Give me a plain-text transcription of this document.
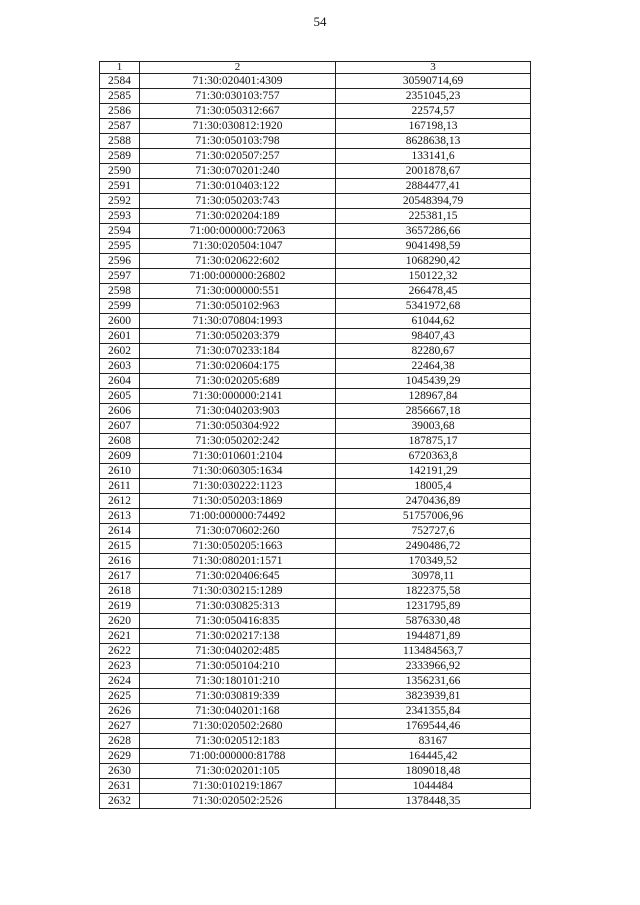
54
1	2	3
2584	71:30:020401:4309	30590714,69
2585	71:30:030103:757	2351045,23
2586	71:30:050312:667	22574,57
2587	71:30:030812:1920	167198,13
2588	71:30:050103:798	8628638,13
2589	71:30:020507:257	133141,6
2590	71:30:070201:240	2001878,67
2591	71:30:010403:122	2884477,41
2592	71:30:050203:743	20548394,79
2593	71:30:020204:189	225381,15
2594	71:00:000000:72063	3657286,66
2595	71:30:020504:1047	9041498,59
2596	71:30:020622:602	1068290,42
2597	71:00:000000:26802	150122,32
2598	71:30:000000:551	266478,45
2599	71:30:050102:963	5341972,68
2600	71:30:070804:1993	61044,62
2601	71:30:050203:379	98407,43
2602	71:30:070233:184	82280,67
2603	71:30:020604:175	22464,38
2604	71:30:020205:689	1045439,29
2605	71:30:000000:2141	128967,84
2606	71:30:040203:903	2856667,18
2607	71:30:050304:922	39003,68
2608	71:30:050202:242	187875,17
2609	71:30:010601:2104	6720363,8
2610	71:30:060305:1634	142191,29
2611	71:30:030222:1123	18005,4
2612	71:30:050203:1869	2470436,89
2613	71:00:000000:74492	51757006,96
2614	71:30:070602:260	752727,6
2615	71:30:050205:1663	2490486,72
2616	71:30:080201:1571	170349,52
2617	71:30:020406:645	30978,11
2618	71:30:030215:1289	1822375,58
2619	71:30:030825:313	1231795,89
2620	71:30:050416:835	5876330,48
2621	71:30:020217:138	1944871,89
2622	71:30:040202:485	113484563,7
2623	71:30:050104:210	2333966,92
2624	71:30:180101:210	1356231,66
2625	71:30:030819:339	3823939,81
2626	71:30:040201:168	2341355,84
2627	71:30:020502:2680	1769544,46
2628	71:30:020512:183	83167
2629	71:00:000000:81788	164445,42
2630	71:30:020201:105	1809018,48
2631	71:30:010219:1867	1044484
2632	71:30:020502:2526	1378448,35
